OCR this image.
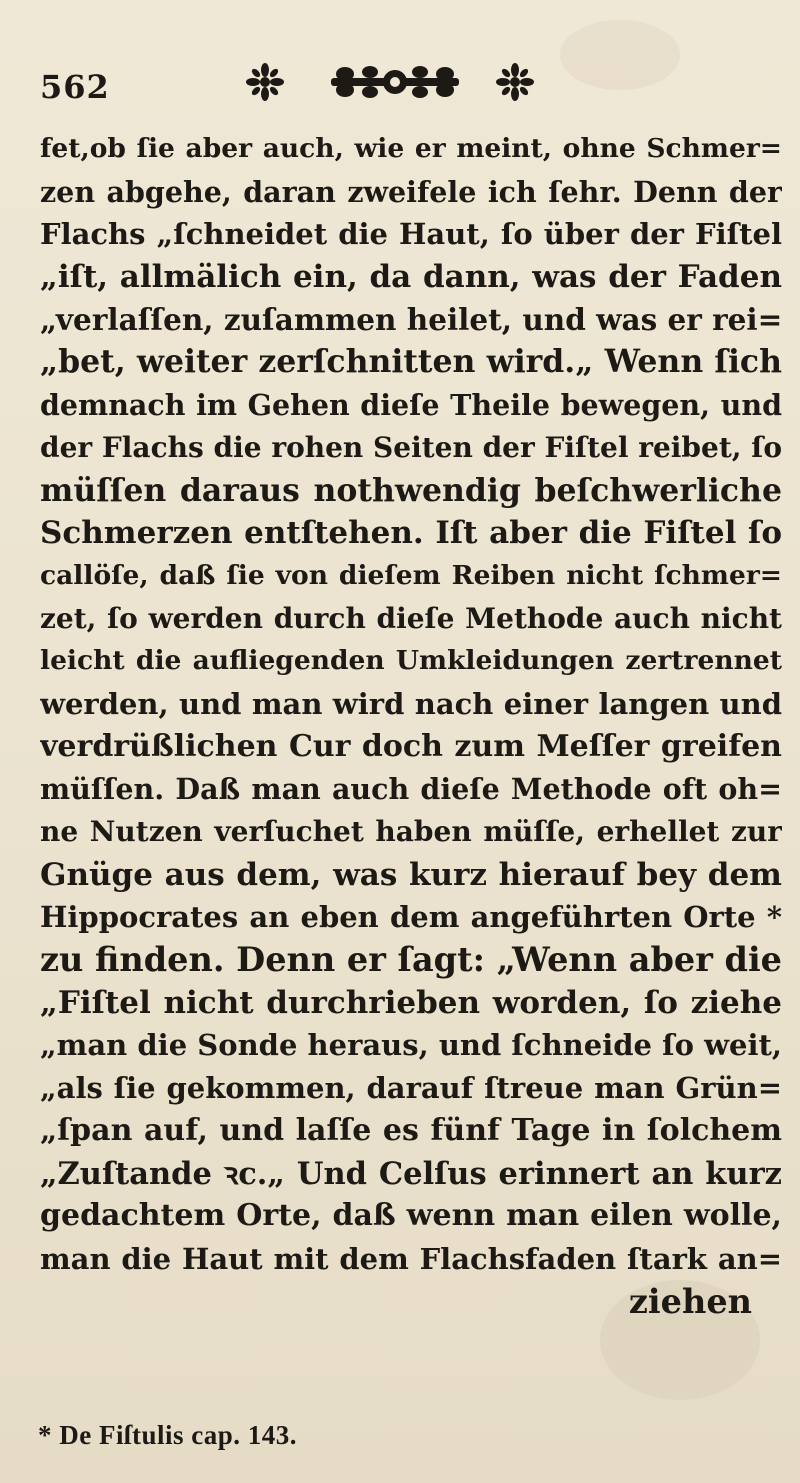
562
fet,ob ſie aber auch, wie er meint, ohne Schmer=
zen abgehe, daran zweifele ich ſehr. Denn der
Flachs „ſchneidet die Haut, ſo über der Fiſtel
„iſt, allmälich ein, da dann, was der Faden
„verlaſſen, zuſammen heilet, und was er rei=
„bet, weiter zerſchnitten wird.„ Wenn ſich
demnach im Gehen dieſe Theile bewegen, und
der Flachs die rohen Seiten der Fiſtel reibet, ſo
müſſen daraus nothwendig beſchwerliche
Schmerzen entſtehen. Iſt aber die Fiſtel ſo
callöſe, daß ſie von dieſem Reiben nicht ſchmer=
zet, ſo werden durch dieſe Methode auch nicht
leicht die aufliegenden Umkleidungen zertrennet
werden, und man wird nach einer langen und
verdrüßlichen Cur doch zum Meſſer greifen
müſſen. Daß man auch dieſe Methode oft oh=
ne Nutzen verſuchet haben müſſe, erhellet zur
Gnüge aus dem, was kurz hierauf bey dem
Hippocrates an eben dem angeführten Orte *
zu finden. Denn er ſagt: „Wenn aber die
„Fiſtel nicht durchrieben worden, ſo ziehe
„man die Sonde heraus, und ſchneide ſo weit,
„als ſie gekommen, darauf ſtreue man Grün=
„ſpan auf, und laſſe es fünf Tage in ſolchem
„Zuſtande ꝛc.„ Und Celſus erinnert an kurz
gedachtem Orte, daß wenn man eilen wolle,
man die Haut mit dem Flachsfaden ſtark an=
ziehen
* De Fiſtulis cap. 143.
